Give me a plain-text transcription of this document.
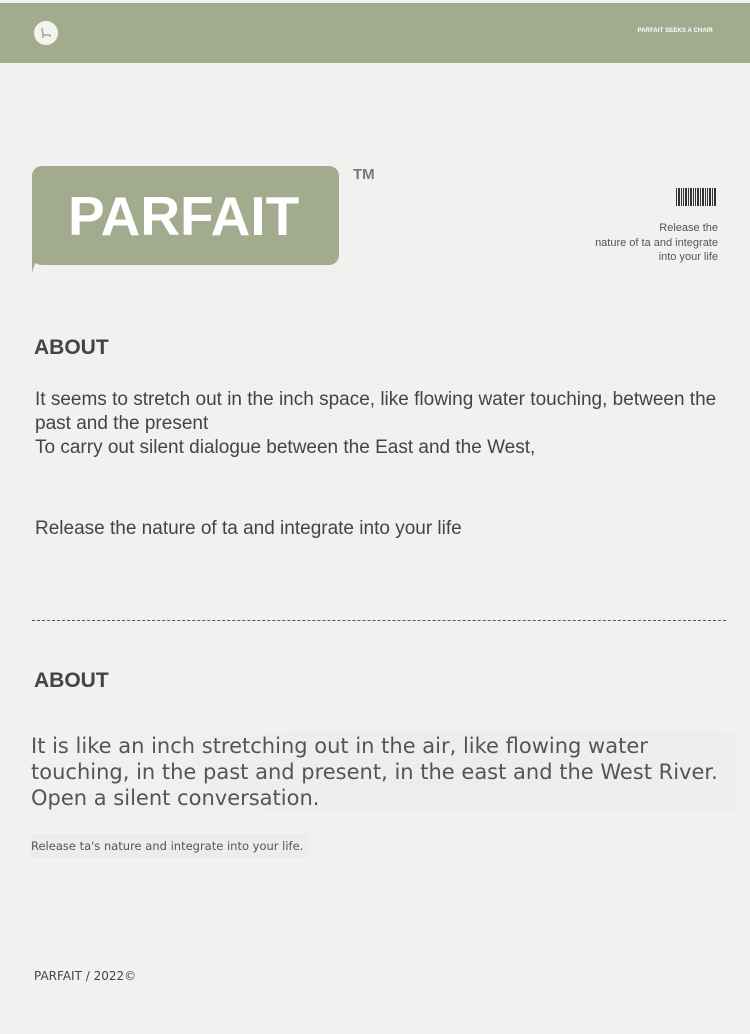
PARFAIT SEEKS A CHAIR
PARFAIT
TM
Release the
nature of ta and integrate
into your life
ABOUT

It seems to stretch out in the inch space, like flowing water touching, between the past and the present

To carry out silent dialogue between the East and the West,

Release the nature of ta and integrate into your life
ABOUT
It is like an inch stretching out in the air, like flowing water touching, in the past and present, in the east and the West River. Open a silent conversation.
Release ta's nature and integrate into your life.
PARFAIT / 2022©
